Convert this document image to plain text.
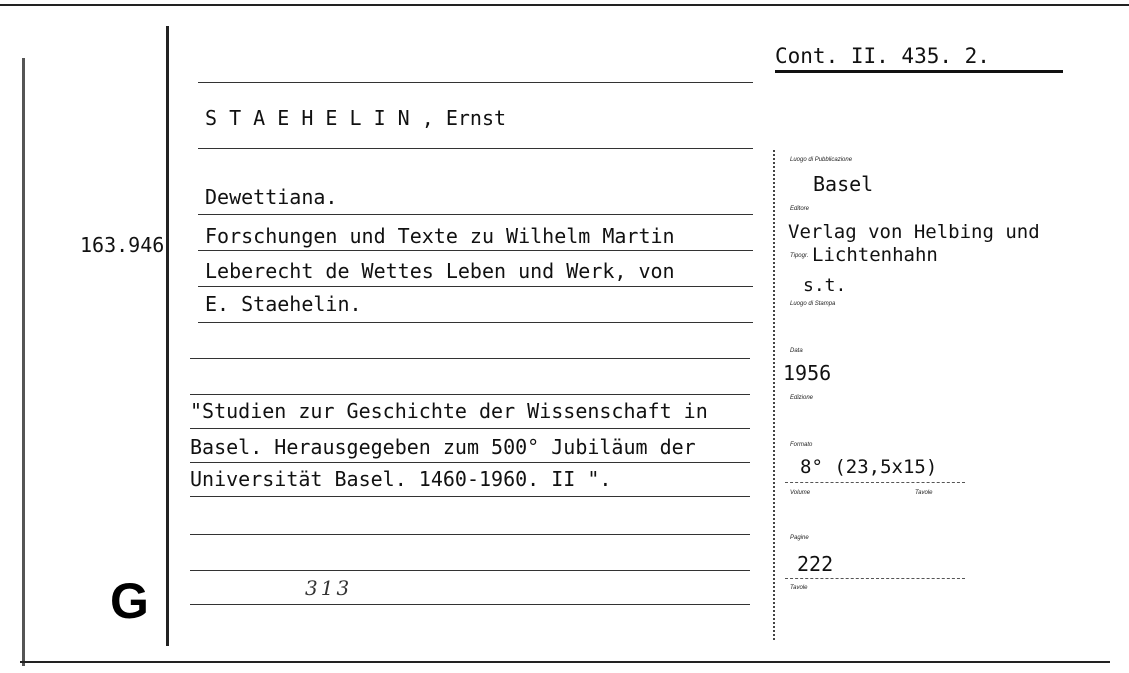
Cont. II. 435. 2.
163.946
G
S T A E H E L I N , Ernst
Dewettiana.
Forschungen und Texte zu Wilhelm Martin
Leberecht de Wettes Leben und Werk, von
E. Staehelin.
"Studien zur Geschichte der Wissenschaft in
Basel. Herausgegeben zum 500° Jubiläum der
Universität Basel. 1460-1960. II ".
313
Luogo di Pubblicazione
Basel
Editore
Verlag von Helbing und
Tipogr. Lichtenhahn
s.t.
Luogo di Stampa
Data
1956
Edizione
Formato
8° (23,5x15)
Volume	Tavole
Pagine
222
Tavole
